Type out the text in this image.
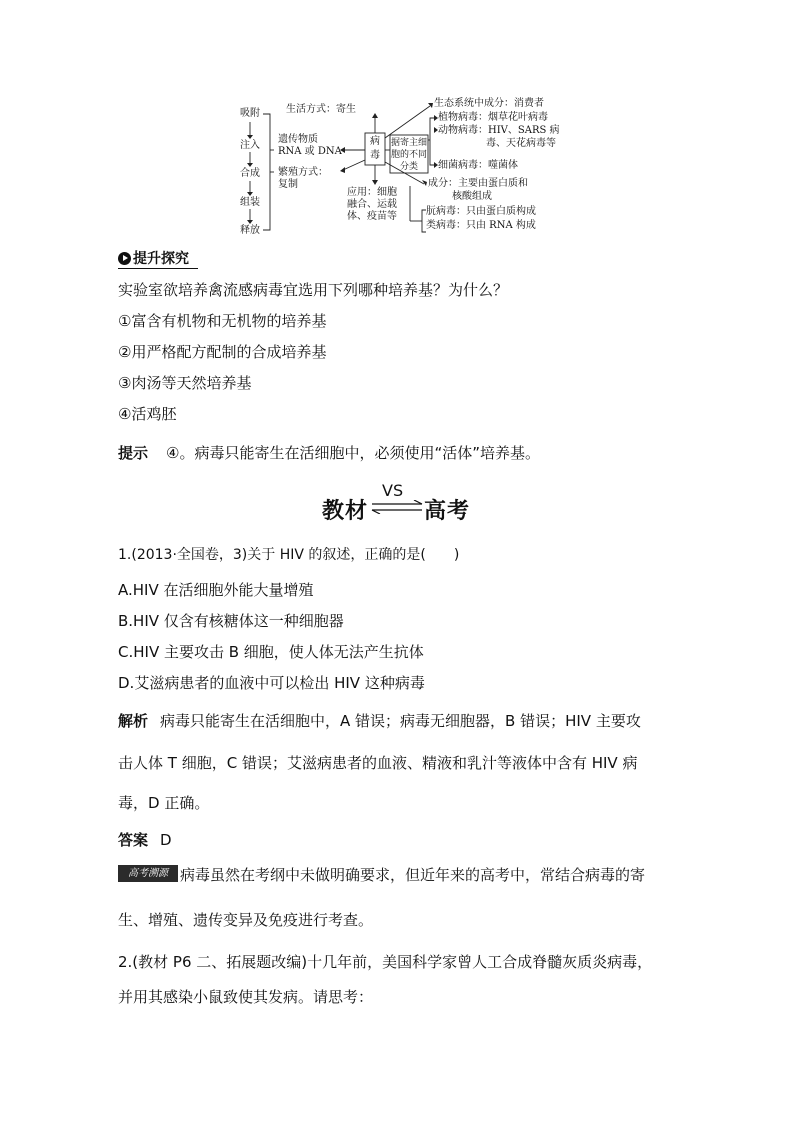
吸附
注入
合成
组装
释放
生活方式：寄生
遗传物质
RNA 或 DNA
繁殖方式：
复制
病毒
应用：细胞
融合、运载
体、疫苗等
据寄主细
胞的不同
分类
生态系统中成分：消费者
植物病毒：烟草花叶病毒
动物病毒：HIV、SARS 病
毒、天花病毒等
细菌病毒：噬菌体
成分：主要由蛋白质和
核酸组成
朊病毒：只由蛋白质构成
类病毒：只由 RNA 构成
提升探究
实验室欲培养禽流感病毒宜选用下列哪种培养基？为什么？
①富含有机物和无机物的培养基
②用严格配方配制的合成培养基
③肉汤等天然培养基
④活鸡胚
提示 ④。病毒只能寄生在活细胞中，必须使用“活体”培养基。
教材
VS
高考
1.(2013·全国卷，3)关于 HIV 的叙述，正确的是(　　)
A.HIV 在活细胞外能大量增殖
B.HIV 仅含有核糖体这一种细胞器
C.HIV 主要攻击 B 细胞，使人体无法产生抗体
D.艾滋病患者的血液中可以检出 HIV 这种病毒
解析 病毒只能寄生在活细胞中，A 错误；病毒无细胞器，B 错误；HIV 主要攻
击人体 T 细胞，C 错误；艾滋病患者的血液、精液和乳汁等液体中含有 HIV 病
毒，D 正确。
答案 D
高考溯源 病毒虽然在考纲中未做明确要求，但近年来的高考中，常结合病毒的寄
生、增殖、遗传变异及免疫进行考查。
2.(教材 P6 二、拓展题改编)十几年前，美国科学家曾人工合成脊髓灰质炎病毒，
并用其感染小鼠致使其发病。请思考：
